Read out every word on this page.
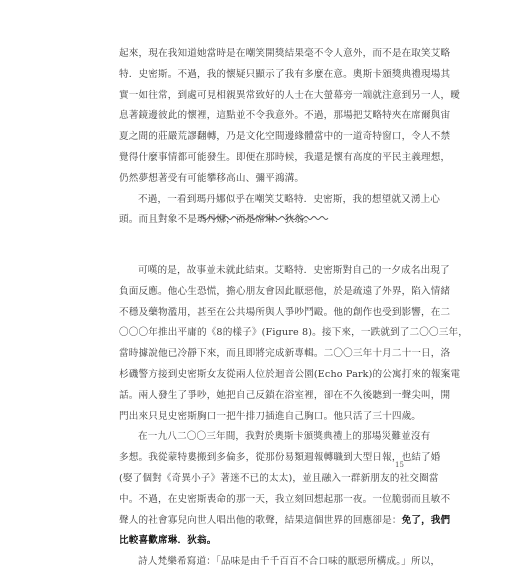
起來，現在我知道她當時是在嘲笑開獎結果毫不令人意外，而不是在取笑艾略
特．史密斯。不過，我的懷疑只顯示了我有多麼在意。奧斯卡頒獎典禮現場其
實一如往常，到處可見相親異常致好的人士在大螢幕旁一端就注意到另一人，曖
息著鏡邊彼此的懷裡，這點並不令我意外。不過，那場把艾略特夾在席爾與宙
夏之間的莊嚴荒謬翻轉，乃是文化空間邊緣體當中的一道奇特窗口，令人不禁
覺得什麼事情都可能發生。即便在那時候，我還是懷有高度的平民主義理想，
仍然夢想著受有可能攀移高山、彌平鴻溝。
不過，一看到瑪丹娜似乎在嘲笑艾略特．史密斯，我的想望就又湧上心
頭。而且對象不是瑪丹娜，而是席琳．狄翁。
可嘆的是，故事並未就此結束。艾略特．史密斯對自己的一夕成名出現了
負面反應。他心生恐慌，擔心朋友會因此厭惡他，於是疏遠了外界，陷入情緒
不穩及藥物濫用，甚至在公共場所與人爭吵鬥毆。他的創作也受到影響，在二
〇〇〇年推出平庸的《8的樣子》(Figure 8)。接下來，一跌就到了二〇〇三年，
當時據說他已冷靜下來，而且即將完成新專輯。二〇〇三年十月二十一日，洛
杉磯警方接到史密斯女友從兩人位於迴音公園(Echo Park)的公寓打來的報案電
話。兩人發生了爭吵，她把自己反鎖在浴室裡，卻在不久後聽到一聲尖叫，開
門出來只見史密斯胸口一把牛排刀插進自己胸口。他只活了三十四歲。
在一九八二〇〇三年間，我對於奧斯卡頒獎典禮上的那場災難並沒有
多想。我從蒙特婁搬到多倫多，從那份易類週報轉職到大型日報，也結了婚
(娶了個對《奇異小子》著迷不已的太太)，並且融入一群新朋友的社交圈當
中。不過，在史密斯喪命的那一天，我立刻回想起那一夜。一位脆弱而且敏不
聲人的社會寡兒向世人唱出他的歌聲，結果這個世界的回應卻是：免了，我們
比較喜歡席琳．狄翁。
詩人梵樂希寫道：「品味是由千千百百不合口味的厭惡所構成。」所以，
15
